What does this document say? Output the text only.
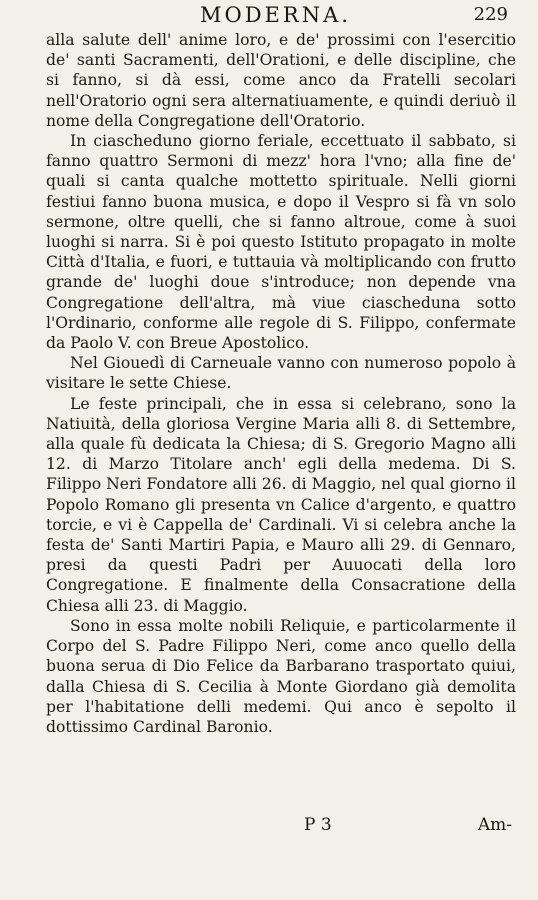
MODERNA.	229

alla salute dell' anime loro, e de' prossimi con l'esercitio de' santi Sacramenti, dell'Orationi, e delle discipline, che si fanno, si dà essi, come anco da Fratelli secolari nell'Oratorio ogni sera alternatiuamente, e quindi deriuò il nome della Congregatione dell'Oratorio.

In ciascheduno giorno feriale, eccettuato il sabbato, si fanno quattro Sermoni di mezz' hora l'vno; alla fine de' quali si canta qualche mottetto spirituale. Nelli giorni festiui fanno buona musica, e dopo il Vespro si fà vn solo sermone, oltre quelli, che si fanno altroue, come à suoi luoghi si narra. Si è poi questo Istituto propagato in molte Città d'Italia, e fuori, e tuttauia và moltiplicando con frutto grande de' luoghi doue s'introduce; non depende vna Congregatione dell'altra, mà viue ciascheduna sotto l'Ordinario, conforme alle regole di S. Filippo, confermate da Paolo V. con Breue Apostolico.

Nel Giouedì di Carneuale vanno con numeroso popolo à visitare le sette Chiese.

Le feste principali, che in essa si celebrano, sono la Natiuità, della gloriosa Vergine Maria alli 8. di Settembre, alla quale fù dedicata la Chiesa; di S. Gregorio Magno alli 12. di Marzo Titolare anch' egli della medema. Di S. Filippo Neri Fondatore alli 26. di Maggio, nel qual giorno il Popolo Romano gli presenta vn Calice d'argento, e quattro torcie, e vi è Cappella de' Cardinali. Vi si celebra anche la festa de' Santi Martiri Papia, e Mauro alli 29. di Gennaro, presi da questi Padri per Auuocati della loro Congregatione. E finalmente della Consacratione della Chiesa alli 23. di Maggio.

Sono in essa molte nobili Reliquie, e particolarmente il Corpo del S. Padre Filippo Neri, come anco quello della buona serua di Dio Felice da Barbarano trasportato quiui, dalla Chiesa di S. Cecilia à Monte Giordano già demolita per l'habitatione delli medemi. Qui anco è sepolto il dottissimo Cardinal Baronio.

P 3	Am-
